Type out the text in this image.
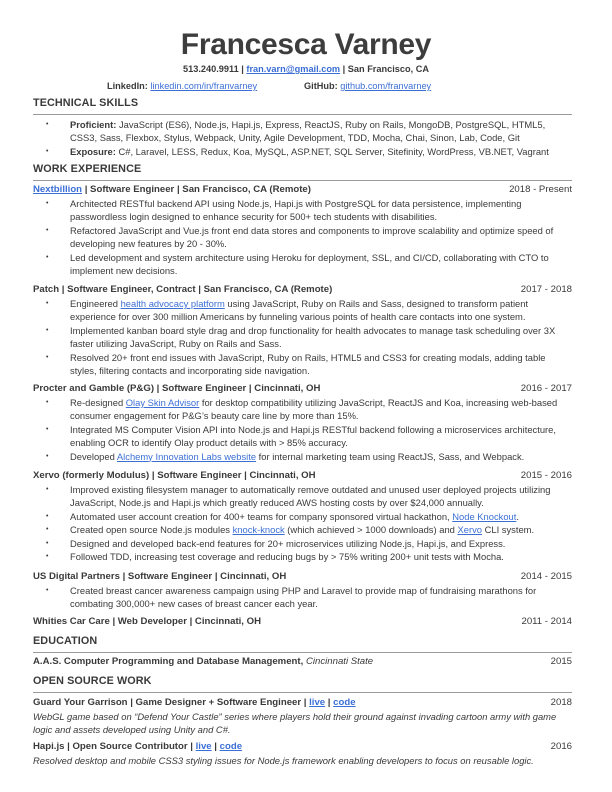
Francesca Varney
513.240.9911 | fran.varn@gmail.com | San Francisco, CA
LinkedIn: linkedin.com/in/franvarney	GitHub: github.com/franvarney
TECHNICAL SKILLS
• Proficient: JavaScript (ES6), Node.js, Hapi.js, Express, ReactJS, Ruby on Rails, MongoDB, PostgreSQL, HTML5, CSS3, Sass, Flexbox, Stylus, Webpack, Unity, Agile Development, TDD, Mocha, Chai, Sinon, Lab, Code, Git
• Exposure: C#, Laravel, LESS, Redux, Koa, MySQL, ASP.NET, SQL Server, Sitefinity, WordPress, VB.NET, Vagrant
WORK EXPERIENCE
Nextbillion | Software Engineer | San Francisco, CA (Remote)	2018 - Present
• Architected RESTful backend API using Node.js, Hapi.js with PostgreSQL for data persistence, implementing passwordless login designed to enhance security for 500+ tech students with disabilities.
• Refactored JavaScript and Vue.js front end data stores and components to improve scalability and optimize speed of developing new features by 20 - 30%.
• Led development and system architecture using Heroku for deployment, SSL, and CI/CD, collaborating with CTO to implement new decisions.
Patch | Software Engineer, Contract | San Francisco, CA (Remote)	2017 - 2018
• Engineered health advocacy platform using JavaScript, Ruby on Rails and Sass, designed to transform patient experience for over 300 million Americans by funneling various points of health care contacts into one system.
• Implemented kanban board style drag and drop functionality for health advocates to manage task scheduling over 3X faster utilizing JavaScript, Ruby on Rails and Sass.
• Resolved 20+ front end issues with JavaScript, Ruby on Rails, HTML5 and CSS3 for creating modals, adding table styles, filtering contacts and incorporating side navigation.
Procter and Gamble (P&G) | Software Engineer | Cincinnati, OH	2016 - 2017
• Re-designed Olay Skin Advisor for desktop compatibility utilizing JavaScript, ReactJS and Koa, increasing web-based consumer engagement for P&G’s beauty care line by more than 15%.
• Integrated MS Computer Vision API into Node.js and Hapi.js RESTful backend following a microservices architecture, enabling OCR to identify Olay product details with > 85% accuracy.
• Developed Alchemy Innovation Labs website for internal marketing team using ReactJS, Sass, and Webpack.
Xervo (formerly Modulus) | Software Engineer | Cincinnati, OH	2015 - 2016
• Improved existing filesystem manager to automatically remove outdated and unused user deployed projects utilizing JavaScript, Node.js and Hapi.js which greatly reduced AWS hosting costs by over $24,000 annually.
• Automated user account creation for 400+ teams for company sponsored virtual hackathon, Node Knockout.
• Created open source Node.js modules knock-knock (which achieved > 1000 downloads) and Xervo CLI system.
• Designed and developed back-end features for 20+ microservices utilizing Node.js, Hapi.js, and Express.
• Followed TDD, increasing test coverage and reducing bugs by > 75% writing 200+ unit tests with Mocha.
US Digital Partners | Software Engineer | Cincinnati, OH	2014 - 2015
• Created breast cancer awareness campaign using PHP and Laravel to provide map of fundraising marathons for combating 300,000+ new cases of breast cancer each year.
Whities Car Care | Web Developer | Cincinnati, OH	2011 - 2014
EDUCATION
A.A.S. Computer Programming and Database Management, Cincinnati State	2015
OPEN SOURCE WORK
Guard Your Garrison | Game Designer + Software Engineer | live | code	2018
WebGL game based on “Defend Your Castle” series where players hold their ground against invading cartoon army with game logic and assets developed using Unity and C#.
Hapi.js | Open Source Contributor | live | code	2016
Resolved desktop and mobile CSS3 styling issues for Node.js framework enabling developers to focus on reusable logic.
